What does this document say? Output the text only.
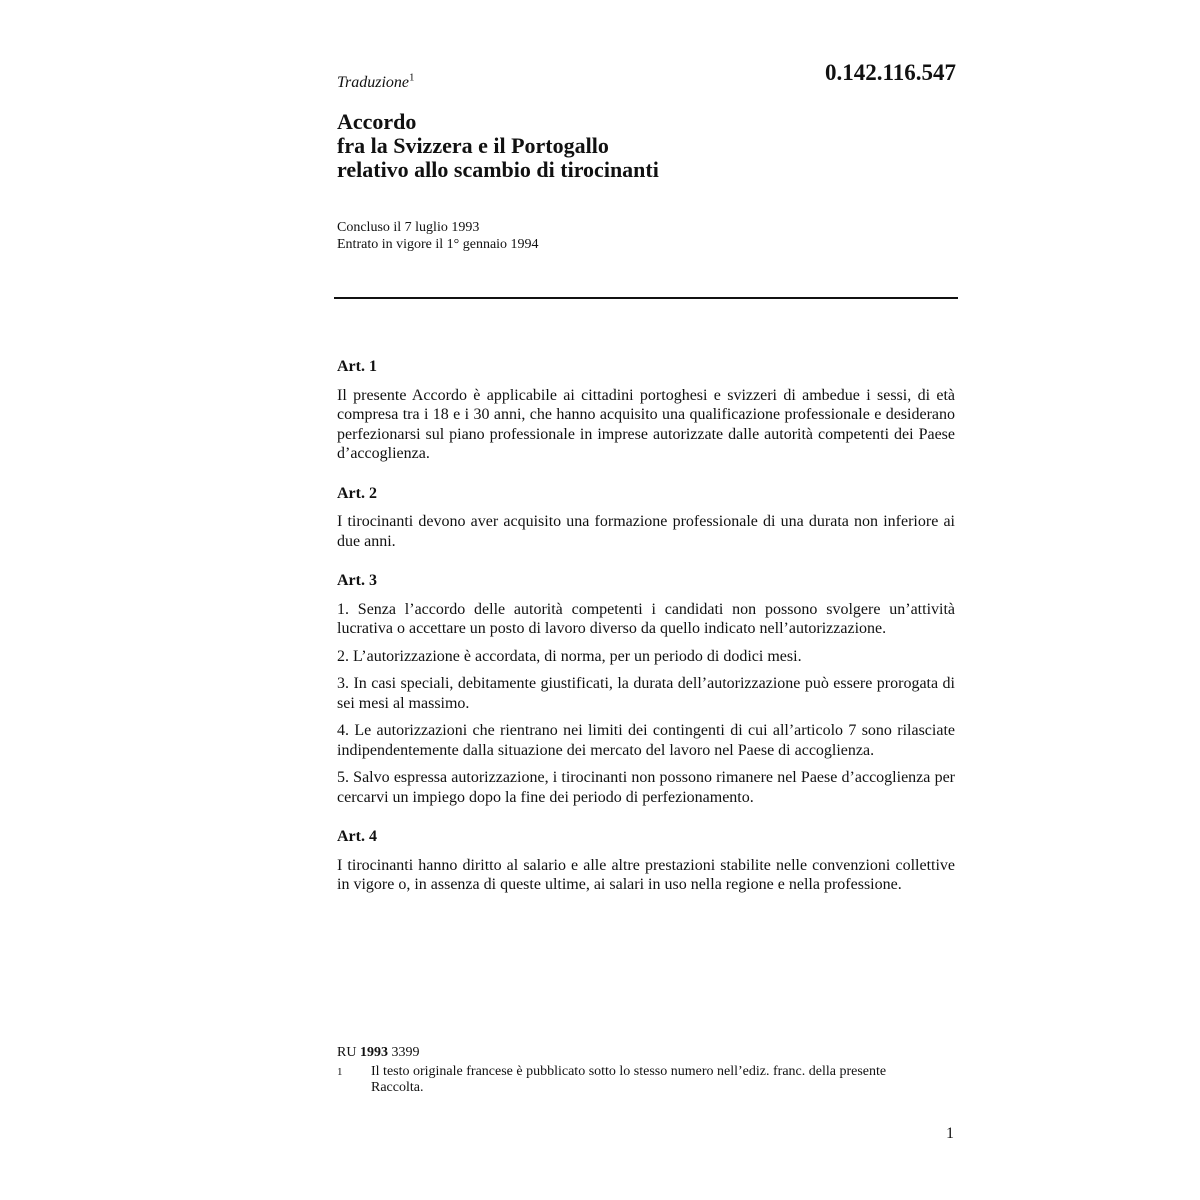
Traduzione$^1$	0.142.116.547
Accordo
fra la Svizzera e il Portogallo
relativo allo scambio di tirocinanti
Concluso il 7 luglio 1993
Entrato in vigore il 1° gennaio 1994
Art. 1

Il presente Accordo è applicabile ai cittadini portoghesi e svizzeri di ambedue i sessi, di età compresa tra i 18 e i 30 anni, che hanno acquisito una qualificazione professionale e desiderano perfezionarsi sul piano professionale in imprese autorizzate dalle autorità competenti dei Paese d’accoglienza.

Art. 2

I tirocinanti devono aver acquisito una formazione professionale di una durata non inferiore ai due anni.

Art. 3

1. Senza l’accordo delle autorità competenti i candidati non possono svolgere un’attività lucrativa o accettare un posto di lavoro diverso da quello indicato nell’autorizzazione.

2. L’autorizzazione è accordata, di norma, per un periodo di dodici mesi.

3. In casi speciali, debitamente giustificati, la durata dell’autorizzazione può essere prorogata di sei mesi al massimo.

4. Le autorizzazioni che rientrano nei limiti dei contingenti di cui all’articolo 7 sono rilasciate indipendentemente dalla situazione dei mercato del lavoro nel Paese di accoglienza.

5. Salvo espressa autorizzazione, i tirocinanti non possono rimanere nel Paese d’accoglienza per cercarvi un impiego dopo la fine dei periodo di perfezionamento.

Art. 4

I tirocinanti hanno diritto al salario e alle altre prestazioni stabilite nelle convenzioni collettive in vigore o, in assenza di queste ultime, ai salari in uso nella regione e nella professione.

RU 1993 3399
1	Il testo originale francese è pubblicato sotto lo stesso numero nell’ediz. franc. della presente Raccolta.
1
